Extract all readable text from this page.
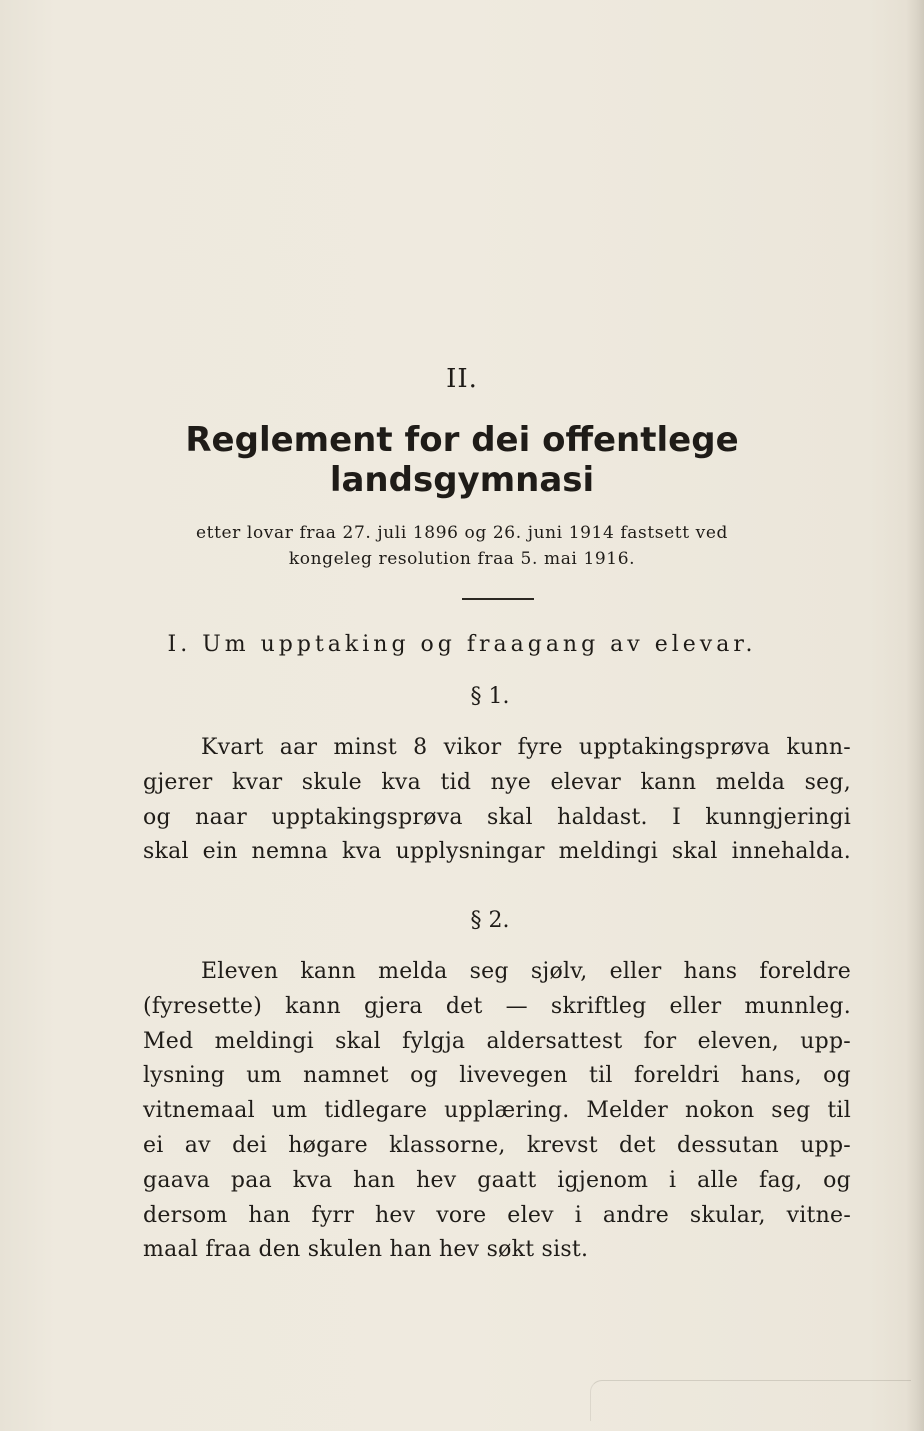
II.
Reglement for dei offentlege
landsgymnasi
etter lovar fraa 27. juli 1896 og 26. juni 1914 fastsett ved
kongeleg resolution fraa 5. mai 1916.
I. Um upptaking og fraagang av elevar.
§ 1.
Kvart aar minst 8 vikor fyre upptakingsprøva kunn-
gjerer kvar skule kva tid nye elevar kann melda seg,
og naar upptakingsprøva skal haldast. I kunngjeringi
skal ein nemna kva upplysningar meldingi skal innehalda.
§ 2.
Eleven kann melda seg sjølv, eller hans foreldre
(fyresette) kann gjera det — skriftleg eller munnleg.
Med meldingi skal fylgja aldersattest for eleven, upp-
lysning um namnet og livevegen til foreldri hans, og
vitnemaal um tidlegare upplæring. Melder nokon seg til
ei av dei høgare klassorne, krevst det dessutan upp-
gaava paa kva han hev gaatt igjenom i alle fag, og
dersom han fyrr hev vore elev i andre skular, vitne-
maal fraa den skulen han hev søkt sist.
